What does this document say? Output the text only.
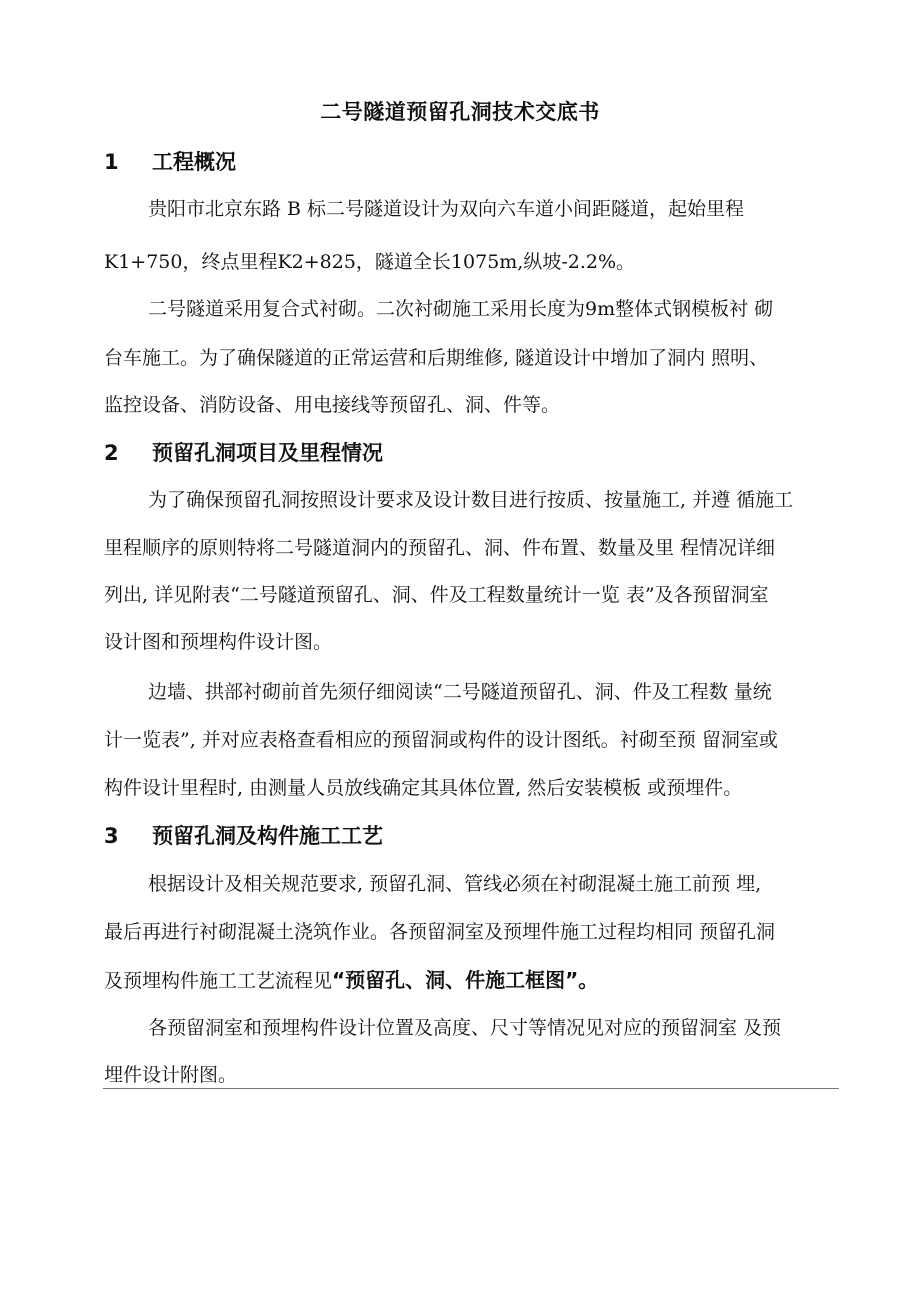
二号隧道预留孔洞技术交底书
1 工程概况
贵阳市北京东路 B 标二号隧道设计为双向六车道小间距隧道，起始里程
K1+750，终点里程K2+825，隧道全长1075m,纵坡-2.2%。
二号隧道采用复合式衬砌。二次衬砌施工采用长度为9m整体式钢模板衬 砌
台车施工。为了确保隧道的正常运营和后期维修, 隧道设计中增加了洞内 照明、
监控设备、消防设备、用电接线等预留孔、洞、件等。
2 预留孔洞项目及里程情况
为了确保预留孔洞按照设计要求及设计数目进行按质、按量施工, 并遵 循施工
里程顺序的原则特将二号隧道洞内的预留孔、洞、件布置、数量及里 程情况详细
列出, 详见附表“二号隧道预留孔、洞、件及工程数量统计一览 表”及各预留洞室
设计图和预埋构件设计图。
边墙、拱部衬砌前首先须仔细阅读“二号隧道预留孔、洞、件及工程数 量统
计一览表”, 并对应表格查看相应的预留洞或构件的设计图纸。衬砌至预 留洞室或
构件设计里程时, 由测量人员放线确定其具体位置, 然后安装模板 或预埋件。
3 预留孔洞及构件施工工艺
根据设计及相关规范要求, 预留孔洞、管线必须在衬砌混凝土施工前预 埋,
最后再进行衬砌混凝土浇筑作业。各预留洞室及预埋件施工过程均相同 预留孔洞
及预埋构件施工工艺流程见“预留孔、洞、件施工框图”。
各预留洞室和预埋构件设计位置及高度、尺寸等情况见对应的预留洞室 及预
埋件设计附图。
